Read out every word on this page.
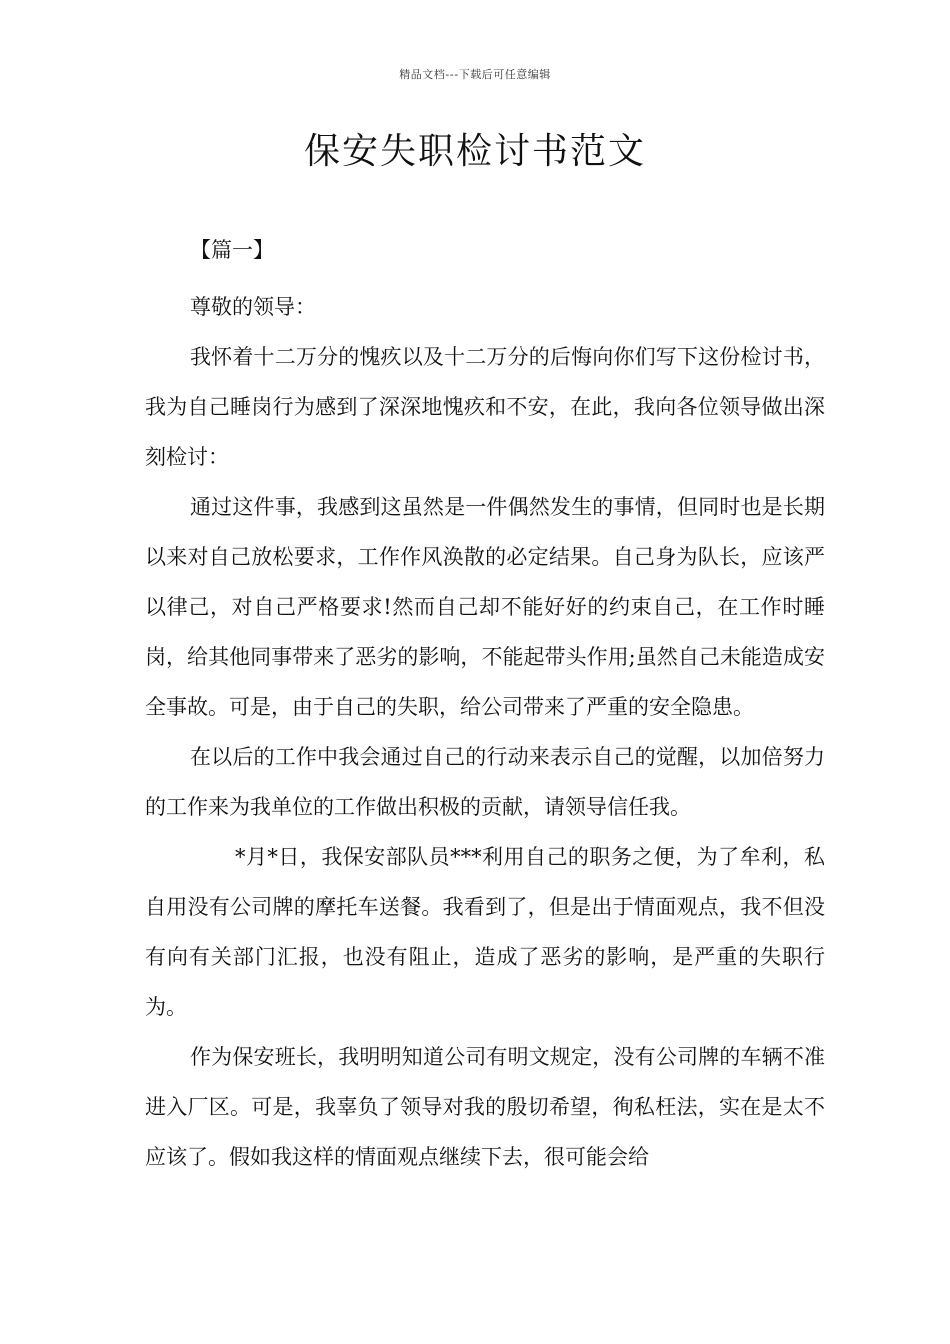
精品文档---下载后可任意编辑
保安失职检讨书范文
【篇一】

尊敬的领导：

我怀着十二万分的愧疚以及十二万分的后悔向你们写下这份检讨书，我为自己睡岗行为感到了深深地愧疚和不安，在此，我向各位领导做出深刻检讨：

通过这件事，我感到这虽然是一件偶然发生的事情，但同时也是长期以来对自己放松要求，工作作风涣散的必定结果。自己身为队长，应该严以律己，对自己严格要求!然而自己却不能好好的约束自己，在工作时睡岗，给其他同事带来了恶劣的影响，不能起带头作用;虽然自己未能造成安全事故。可是，由于自己的失职，给公司带来了严重的安全隐患。

在以后的工作中我会通过自己的行动来表示自己的觉醒，以加倍努力的工作来为我单位的工作做出积极的贡献，请领导信任我。

*月*日，我保安部队员***利用自己的职务之便，为了牟利，私自用没有公司牌的摩托车送餐。我看到了，但是出于情面观点，我不但没有向有关部门汇报，也没有阻止，造成了恶劣的影响，是严重的失职行为。

作为保安班长，我明明知道公司有明文规定，没有公司牌的车辆不准进入厂区。可是，我辜负了领导对我的殷切希望，徇私枉法，实在是太不应该了。假如我这样的情面观点继续下去，很可能会给
